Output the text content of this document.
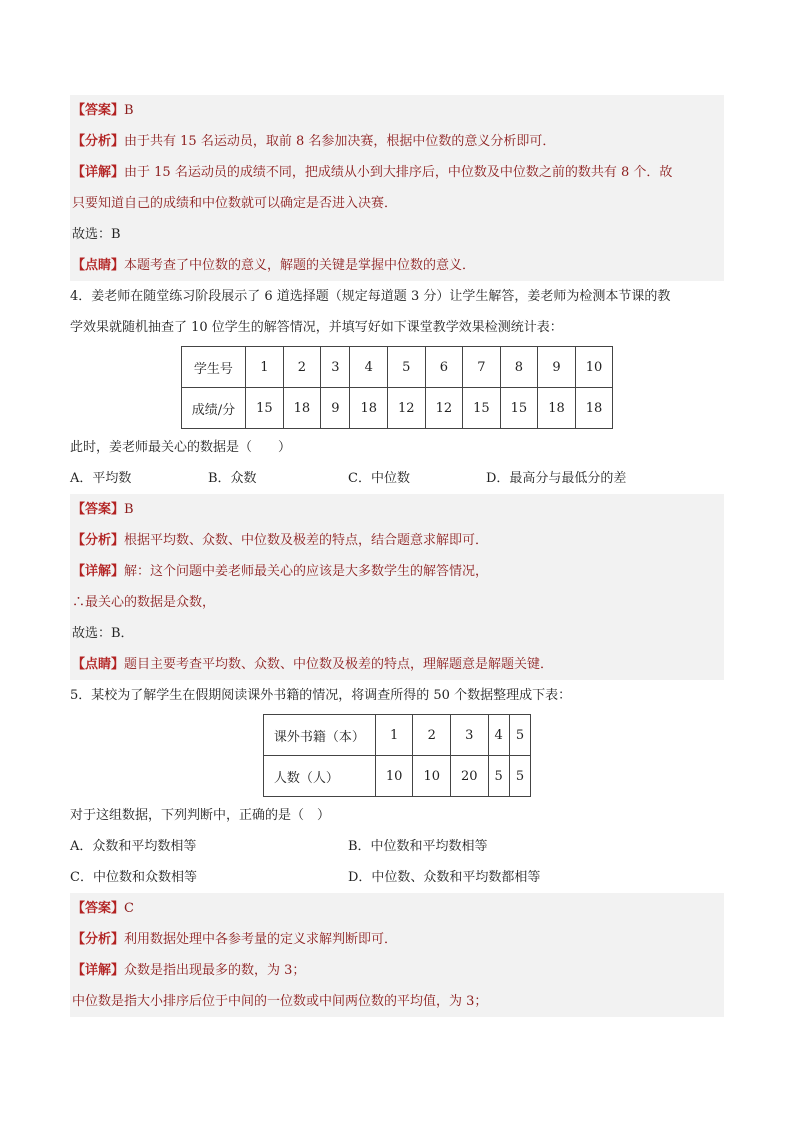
【答案】B
【分析】由于共有 15 名运动员，取前 8 名参加决赛，根据中位数的意义分析即可．
【详解】由于 15 名运动员的成绩不同，把成绩从小到大排序后，中位数及中位数之前的数共有 8 个．故
只要知道自己的成绩和中位数就可以确定是否进入决赛．
故选：B
【点睛】本题考查了中位数的意义，解题的关键是掌握中位数的意义．
4．姜老师在随堂练习阶段展示了 6 道选择题（规定每道题 3 分）让学生解答，姜老师为检测本节课的教
学效果就随机抽查了 10 位学生的解答情况，并填写好如下课堂教学效果检测统计表：
学生号	1	2	3	4	5	6	7	8	9	10
成绩/分	15	18	9	18	12	12	15	15	18	18
此时，姜老师最关心的数据是（　　）
A．平均数	B．众数	C．中位数	D．最高分与最低分的差
【答案】B
【分析】根据平均数、众数、中位数及极差的特点，结合题意求解即可．
【详解】解：这个问题中姜老师最关心的应该是大多数学生的解答情况，
∴最关心的数据是众数，
故选：B．
【点睛】题目主要考查平均数、众数、中位数及极差的特点，理解题意是解题关键．
5．某校为了解学生在假期阅读课外书籍的情况，将调查所得的 50 个数据整理成下表：
课外书籍（本）	1	2	3	4	5
人数（人）	10	10	20	5	5
对于这组数据，下列判断中，正确的是（　）
A．众数和平均数相等	B．中位数和平均数相等
C．中位数和众数相等	D．中位数、众数和平均数都相等
【答案】C
【分析】利用数据处理中各参考量的定义求解判断即可．
【详解】众数是指出现最多的数，为 3；
中位数是指大小排序后位于中间的一位数或中间两位数的平均值，为 3；
